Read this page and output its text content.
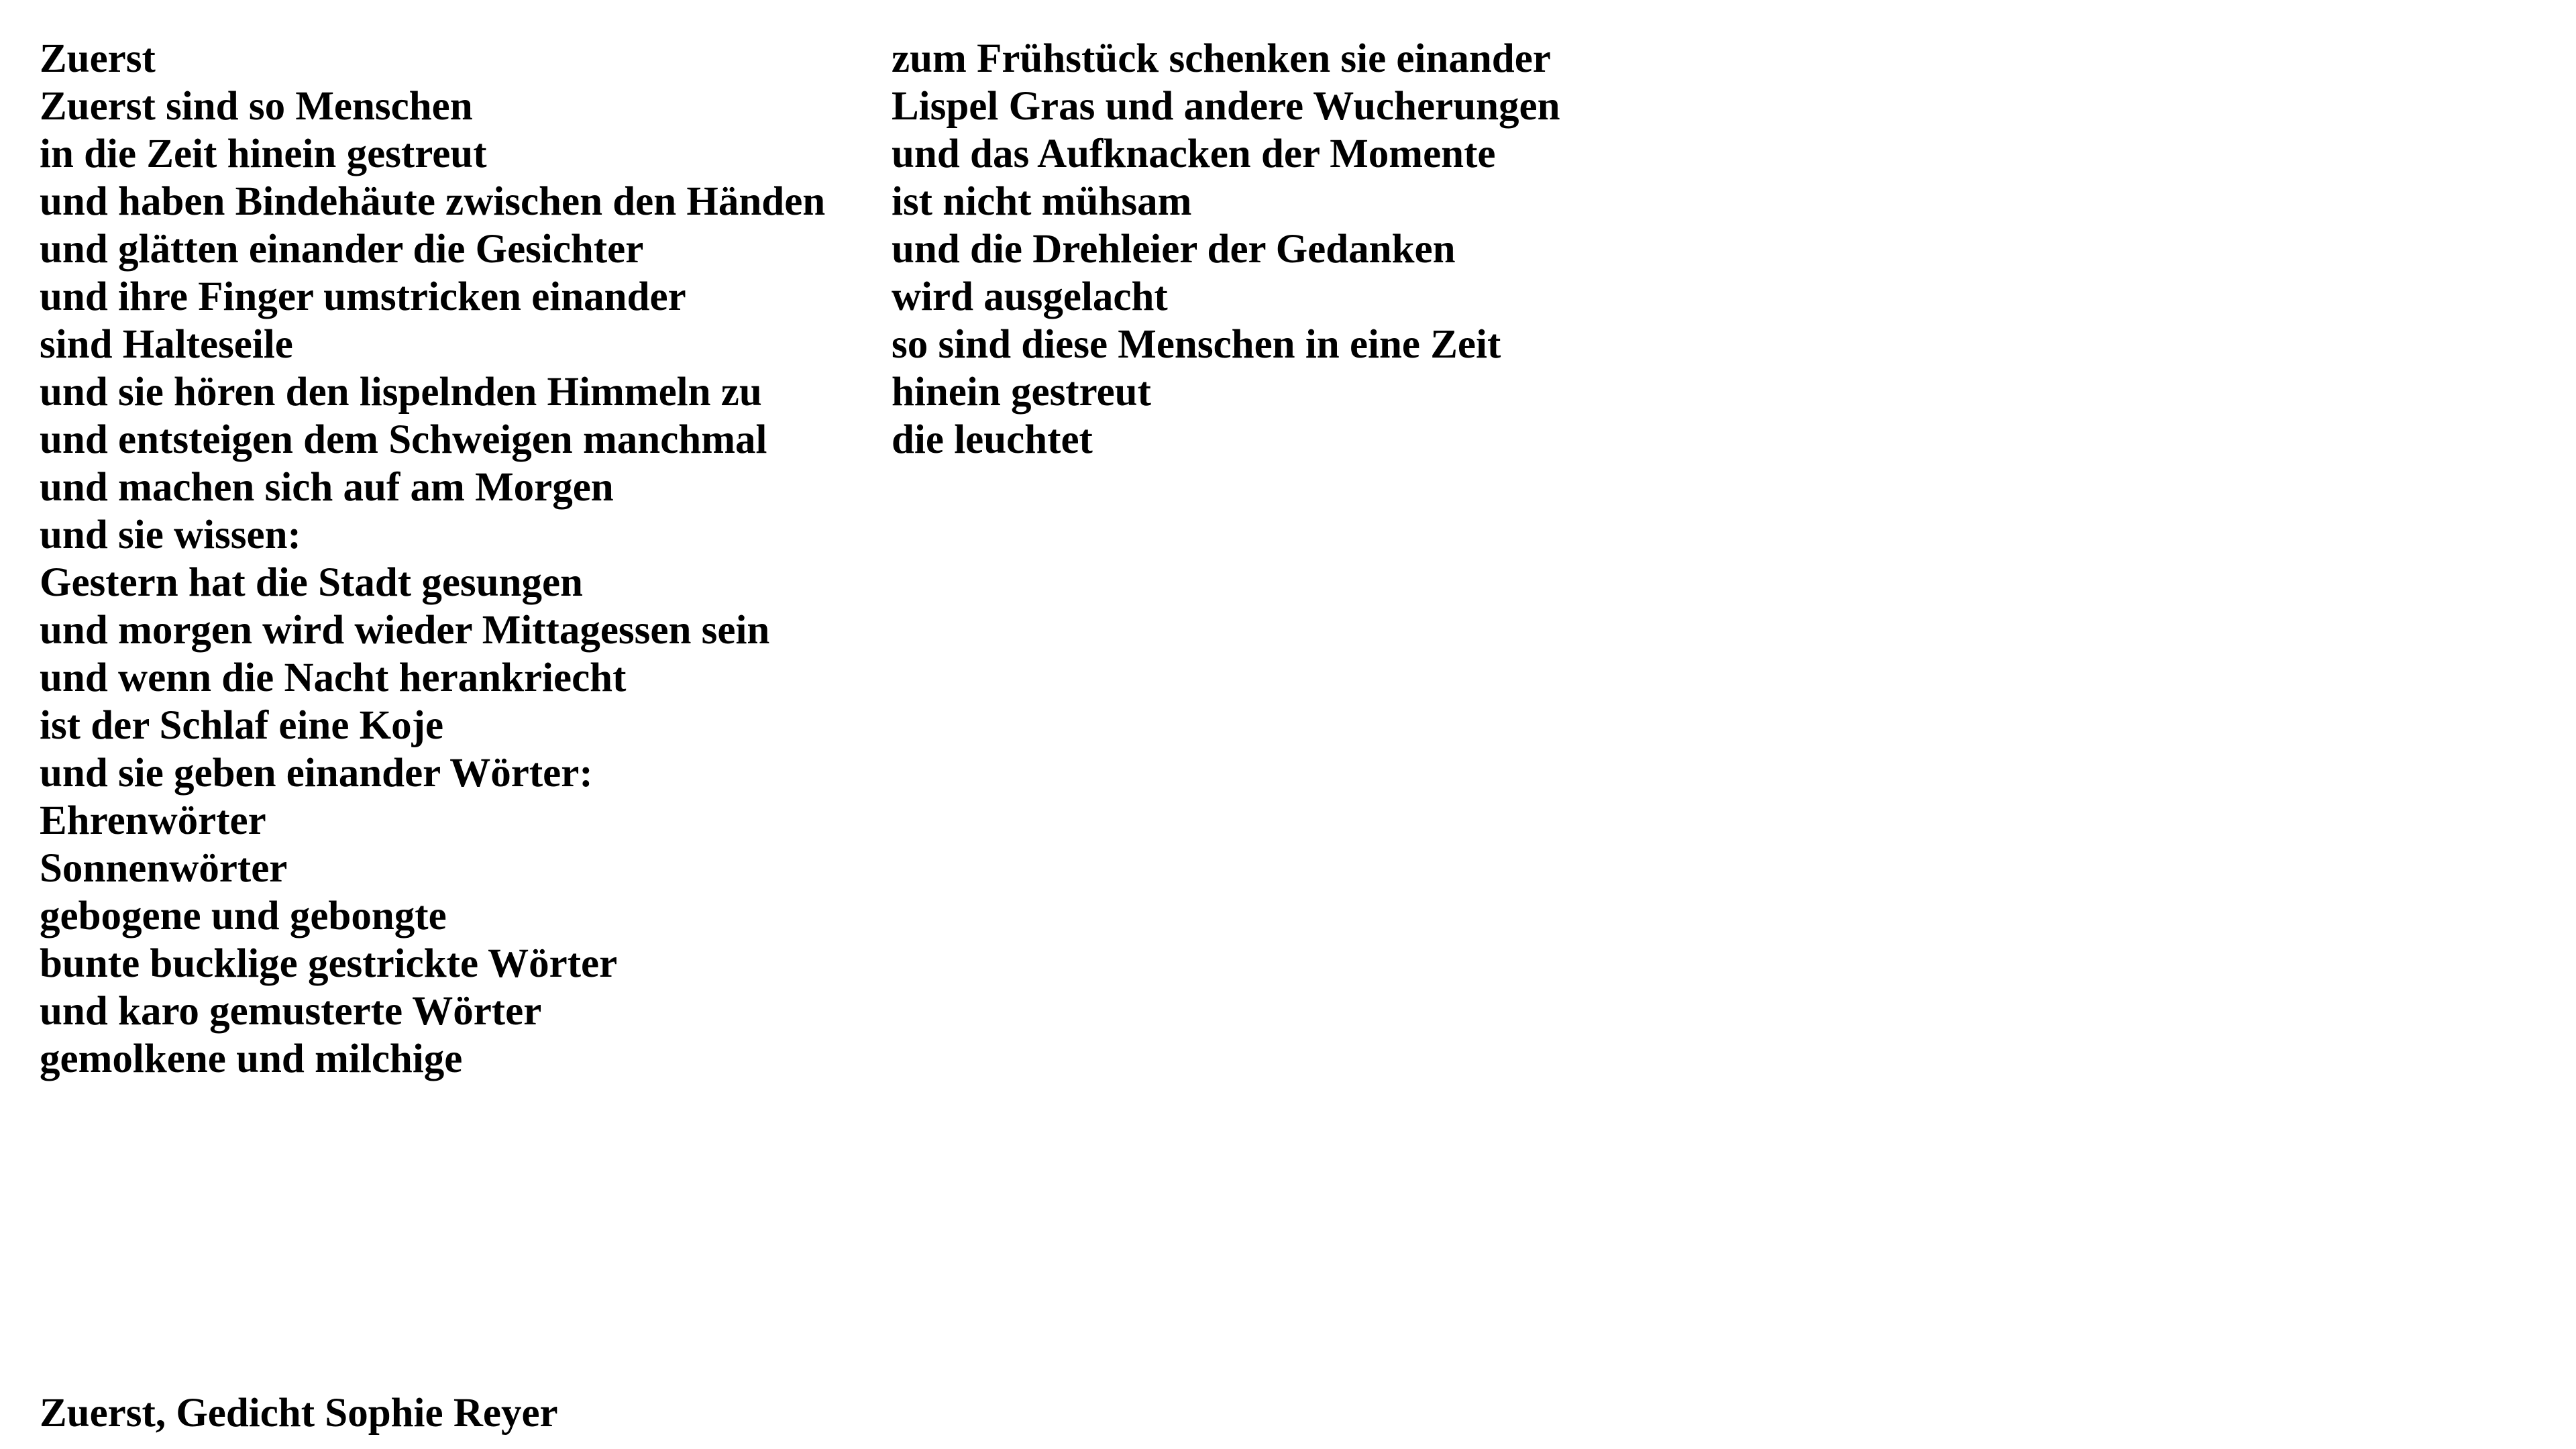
Zuerst
Zuerst sind so Menschen
in die Zeit hinein gestreut
und haben Bindehäute zwischen den Händen
und glätten einander die Gesichter
und ihre Finger umstricken einander
sind Halteseile
und sie hören den lispelnden Himmeln zu
und entsteigen dem Schweigen manchmal
und machen sich auf am Morgen
und sie wissen:
Gestern hat die Stadt gesungen
und morgen wird wieder Mittagessen sein
und wenn die Nacht herankriecht
ist der Schlaf eine Koje
und sie geben einander Wörter:
Ehrenwörter
Sonnenwörter
gebogene und gebongte
bunte bucklige gestrickte Wörter
und karo gemusterte Wörter
gemolkene und milchige
zum Frühstück schenken sie einander
Lispel Gras und andere Wucherungen
und das Aufknacken der Momente
ist nicht mühsam
und die Drehleier der Gedanken
wird ausgelacht
so sind diese Menschen in eine Zeit
hinein gestreut
die leuchtet
Zuerst, Gedicht Sophie Reyer
